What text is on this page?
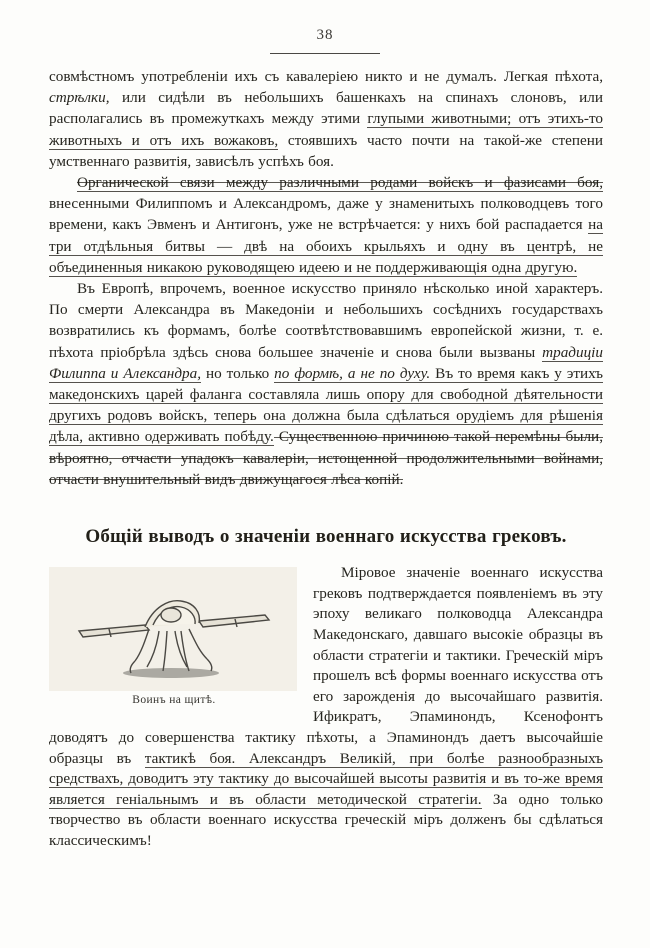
38

совмѣстномъ употребленіи ихъ съ кавалеріею никто и не думалъ. Легкая пѣхота, стрѣлки, или сидѣли въ небольшихъ башенкахъ на спинахъ слоновъ, или располагались въ промежуткахъ между этими глупыми животными; отъ этихъ-то животныхъ и отъ ихъ вожаковъ, стоявшихъ часто почти на такой-же степени умственнаго развитія, зависѣлъ успѣхъ боя.

Органической связи между различными родами войскъ и фазисами боя, внесенными Филиппомъ и Александромъ, даже у знаменитыхъ полководцевъ того времени, какъ Эвменъ и Антигонъ, уже не встрѣчается: у нихъ бой распадается на три отдѣльныя битвы — двѣ на обоихъ крыльяхъ и одну въ центрѣ, не объединенныя никакою руководящею идеею и не поддерживающія одна другую.

Въ Европѣ, впрочемъ, военное искусство приняло нѣсколько иной характеръ. По смерти Александра въ Македоніи и небольшихъ сосѣднихъ государствахъ возвратились къ формамъ, болѣе соотвѣтствовавшимъ европейской жизни, т. е. пѣхота пріобрѣла здѣсь снова большее значеніе и снова были вызваны традиціи Филиппа и Александра, но только по формѣ, а не по духу. Въ то время какъ у этихъ македонскихъ царей фаланга составляла лишь опору для свободной дѣятельности другихъ родовъ войскъ, теперь она должна была сдѣлаться орудіемъ для рѣшенія дѣла, активно одерживать побѣду. Существенною причиною такой перемѣны были, вѣроятно, отчасти упадокъ кавалеріи, истощенной продолжительными войнами, отчасти внушительный видъ движущагося лѣса копій.

Общій выводъ о значеніи военнаго искусства грековъ.

Воинъ на щитѣ.

Міровое значеніе военнаго искусства грековъ подтверждается появленіемъ въ эту эпоху великаго полководца Александра Македонскаго, давшаго высокіе образцы въ области стратегіи и тактики. Греческій міръ прошелъ всѣ формы военнаго искусства отъ его зарожденія до высочайшаго развитія. Ификратъ, Эпаминондъ, Ксенофонтъ доводятъ до совершенства тактику пѣхоты, а Эпаминондъ даетъ высочайшіе образцы въ тактикѣ боя. Александръ Великій, при болѣе разнообразныхъ средствахъ, доводитъ эту тактику до высочайшей высоты развитія и въ то-же время является геніальнымъ и въ области методической стратегіи. За одно только творчество въ области военнаго искусства греческій міръ долженъ бы сдѣлаться классическимъ!
